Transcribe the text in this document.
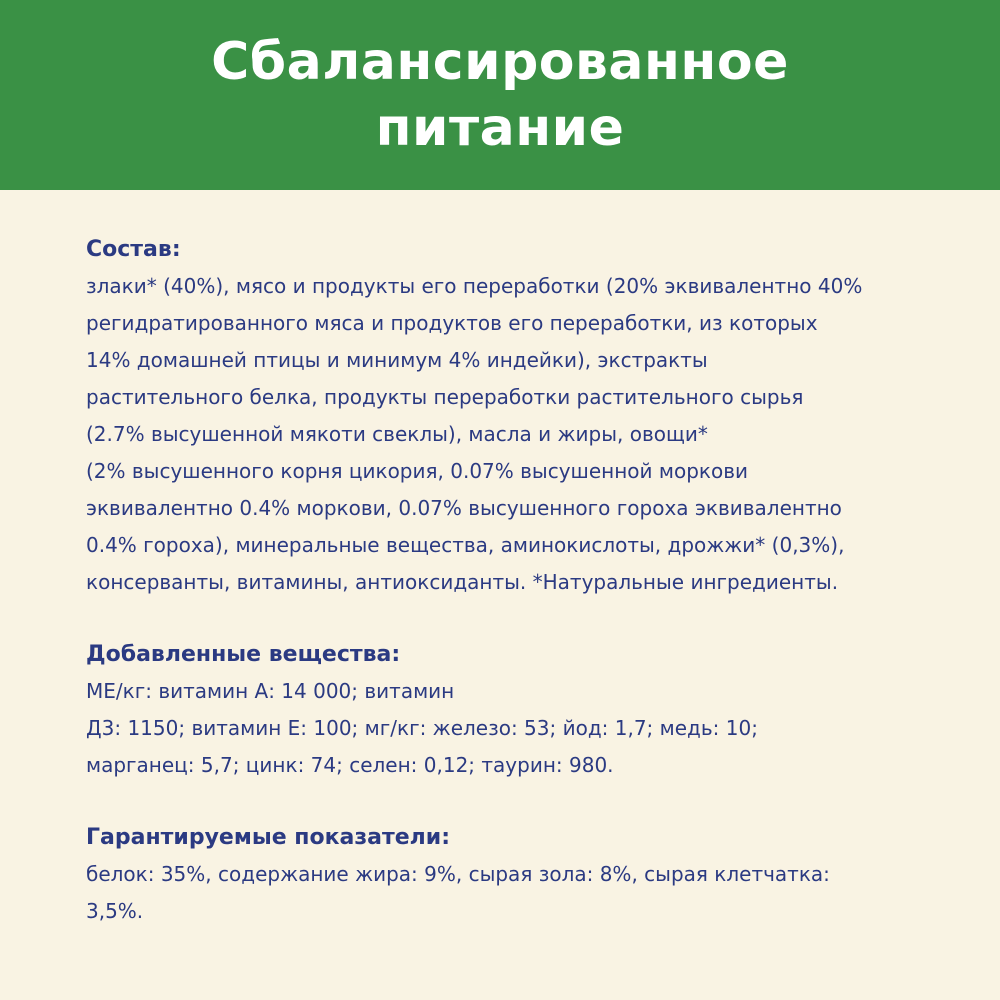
Сбалансированное
питание
Состав:
злаки* (40%), мясо и продукты его переработки (20% эквивалентно 40%
регидратированного мяса и продуктов его переработки, из которых
14% домашней птицы и минимум 4% индейки), экстракты
растительного белка, продукты переработки растительного сырья
(2.7% высушенной мякоти свеклы), масла и жиры, овощи*
(2% высушенного корня цикория, 0.07% высушенной моркови
эквивалентно 0.4% моркови, 0.07% высушенного гороха эквивалентно
0.4% гороха), минеральные вещества, аминокислоты, дрожжи* (0,3%),
консерванты, витамины, антиоксиданты. *Натуральные ингредиенты.
Добавленные вещества:
МЕ/кг: витамин А: 14 000; витамин
Д3: 1150; витамин Е: 100; мг/кг: железо: 53; йод: 1,7; медь: 10;
марганец: 5,7; цинк: 74; селен: 0,12; таурин: 980.
Гарантируемые показатели:
белок: 35%, содержание жира: 9%, сырая зола: 8%, сырая клетчатка:
3,5%.
